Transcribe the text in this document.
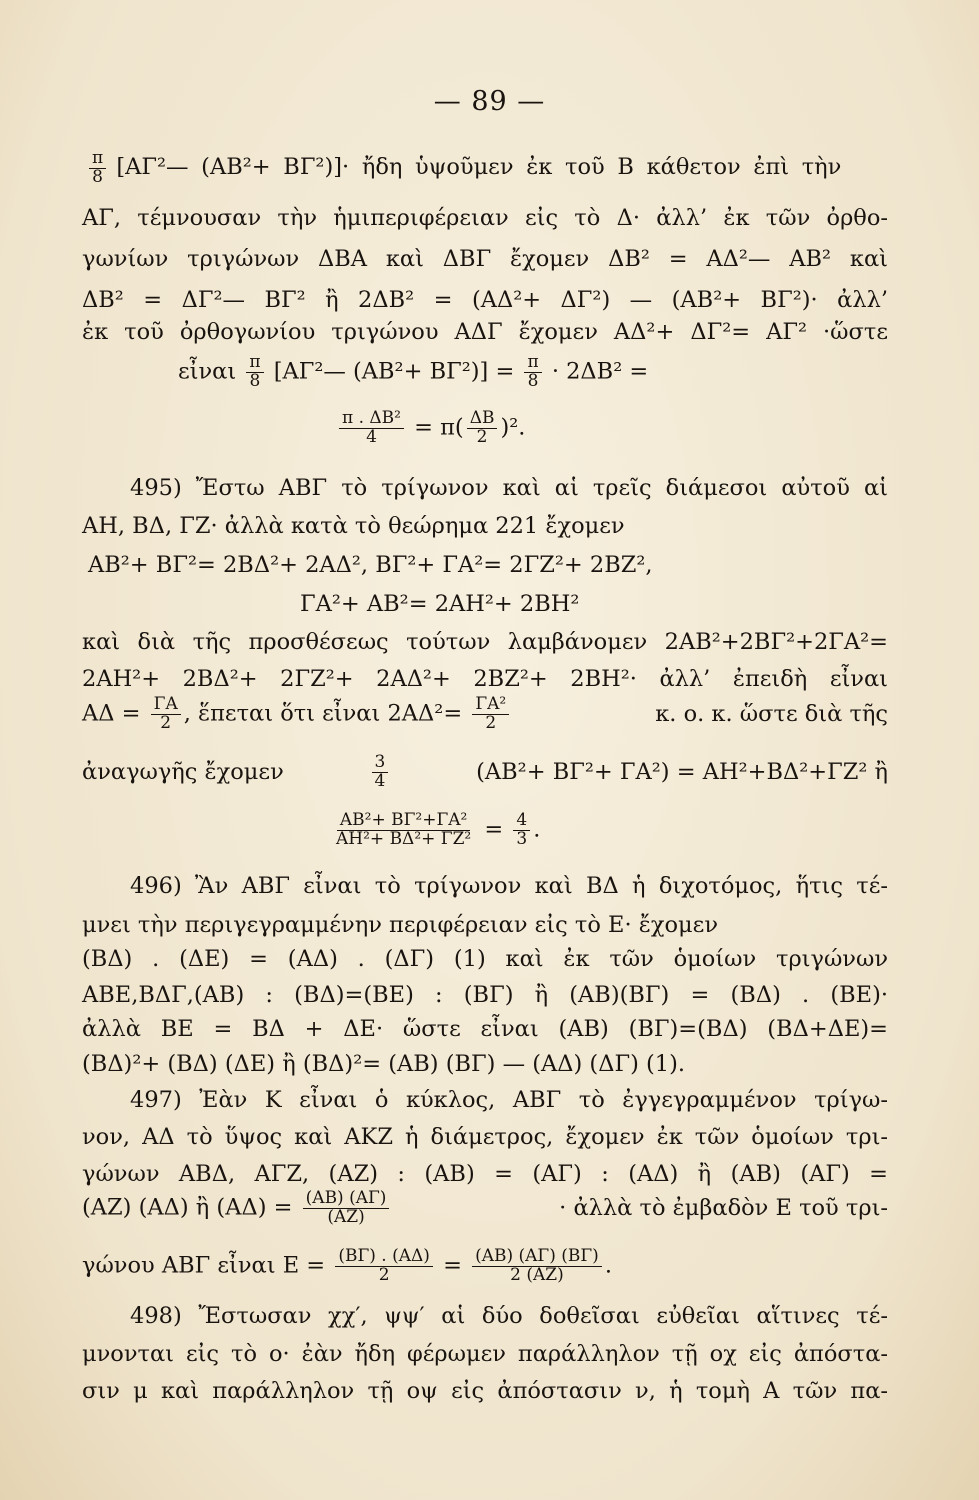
— 89 —
$\frac{\pi}{8}$ [ΑΓ²— (ΑΒ²+ ΒΓ²)]· ἤδη ὑψοῦμεν ἐκ τοῦ Β κάθετον ἐπὶ τὴν

ΑΓ, τέμνουσαν τὴν ἡμιπεριφέρειαν εἰς τὸ Δ· ἀλλ’ ἐκ τῶν ὀρθο-

γωνίων τριγώνων ΔΒΑ καὶ ΔΒΓ ἔχομεν ΔΒ² = ΑΔ²— ΑΒ² καὶ

ΔΒ² = ΔΓ²— ΒΓ² ἢ 2ΔΒ² = (ΑΔ²+ ΔΓ²) — (ΑΒ²+ ΒΓ²)· ἀλλ’

ἐκ τοῦ ὀρθογωνίου τριγώνου ΑΔΓ ἔχομεν ΑΔ²+ ΔΓ²= ΑΓ² ·ὥστε

εἶναι $\frac{\pi}{8}$ [ΑΓ²— $(AB^2+ B\Gamma^2)] = \frac{\pi}{8} \cdot 2\Delta B^2$ =
$\frac{\text{π . ΔΒ²}}{4} = \pi( \frac{\Delta B}{2} )^2$.

495) Ἔστω ΑΒΓ τὸ τρίγωνον καὶ αἱ τρεῖς διάμεσοι αὐτοῦ αἱ

ΑΗ, ΒΔ, ΓΖ· ἀλλὰ κατὰ τὸ θεώρημα 221 ἔχομεν

ΑΒ²+ ΒΓ²= 2ΒΔ²+ 2ΑΔ², ΒΓ²+ ΓΑ²= 2ΓΖ²+ 2ΒΖ²,

ΓΑ²+ ΑΒ²= 2ΑΗ²+ 2ΒΗ²

καὶ διὰ τῆς προσθέσεως τούτων λαμβάνομεν 2ΑΒ²+2ΒΓ²+2ΓΑ²=

2ΑΗ²+ 2ΒΔ²+ 2ΓΖ²+ 2ΑΔ²+ 2ΒΖ²+ 2ΒΗ²· ἀλλ’ ἐπειδὴ εἶναι

$A\Delta = \frac{\Gamma A}{2}$ , ἕπεται ὅτι εἶναι $2A\Delta^2= \frac{\text{ΓΑ²}}{2}$	κ. ο. κ. ὥστε διὰ τῆς
ἀναγωγῆς ἔχομεν	$\frac{3}{4}$	(ΑΒ²+ ΒΓ²+ ΓΑ²) = ΑΗ²+ΒΔ²+ΓΖ² ἢ
$\frac{\text{ΑΒ²+ ΒΓ²+ΓΑ²}}{\text{ΑΗ²+ ΒΔ²+ ΓΖ²}} = \frac{4}{3}$ .

496) Ἂν ΑΒΓ εἶναι τὸ τρίγωνον καὶ ΒΔ ἡ διχοτόμος, ἥτις τέ-

μνει τὴν περιγεγραμμένην περιφέρειαν εἰς τὸ Ε· ἔχομεν

(ΒΔ) . (ΔΕ) = (ΑΔ) . (ΔΓ) (1) καὶ ἐκ τῶν ὁμοίων τριγώνων

ΑΒΕ,ΒΔΓ,(ΑΒ) : (ΒΔ)=(ΒΕ) : (ΒΓ) ἢ (ΑΒ)(ΒΓ) = (ΒΔ) . (ΒΕ)·

ἀλλὰ ΒΕ = ΒΔ + ΔΕ· ὥστε εἶναι (ΑΒ) (ΒΓ)=(ΒΔ) (ΒΔ+ΔΕ)=

(ΒΔ)²+ (ΒΔ) (ΔΕ) ἢ (ΒΔ)²= (ΑΒ) (ΒΓ) — (ΑΔ) (ΔΓ) (1).

497) Ἐὰν Κ εἶναι ὁ κύκλος, ΑΒΓ τὸ ἐγγεγραμμένον τρίγω-

νον, ΑΔ τὸ ὕψος καὶ ΑΚΖ ἡ διάμετρος, ἔχομεν ἐκ τῶν ὁμοίων τρι-

γώνων ΑΒΔ, ΑΓΖ, (ΑΖ) : (ΑΒ) = (ΑΓ) : (ΑΔ) ἢ (ΑΒ) (ΑΓ) =

(ΑΖ) (ΑΔ) ἢ $(A\Delta) = \frac{(AB) (A\Gamma)}{(AZ)}$	· ἀλλὰ τὸ ἐμβαδὸν Ε τοῦ τρι-
γώνου ΑΒΓ εἶναι $E = \frac{(B\Gamma) . (A\Delta)}{2} = \frac{(AB) (A\Gamma) (B\Gamma)}{2 (AZ)}$ .

498) Ἔστωσαν χχ′, ψψ′ αἱ δύο δοθεῖσαι εὐθεῖαι αἵτινες τέ-

μνονται εἰς τὸ ο· ἐὰν ἤδη φέρωμεν παράλληλον τῇ οχ εἰς ἀπόστα-

σιν μ καὶ παράλληλον τῇ οψ εἰς ἀπόστασιν ν, ἡ τομὴ Α τῶν πα-
